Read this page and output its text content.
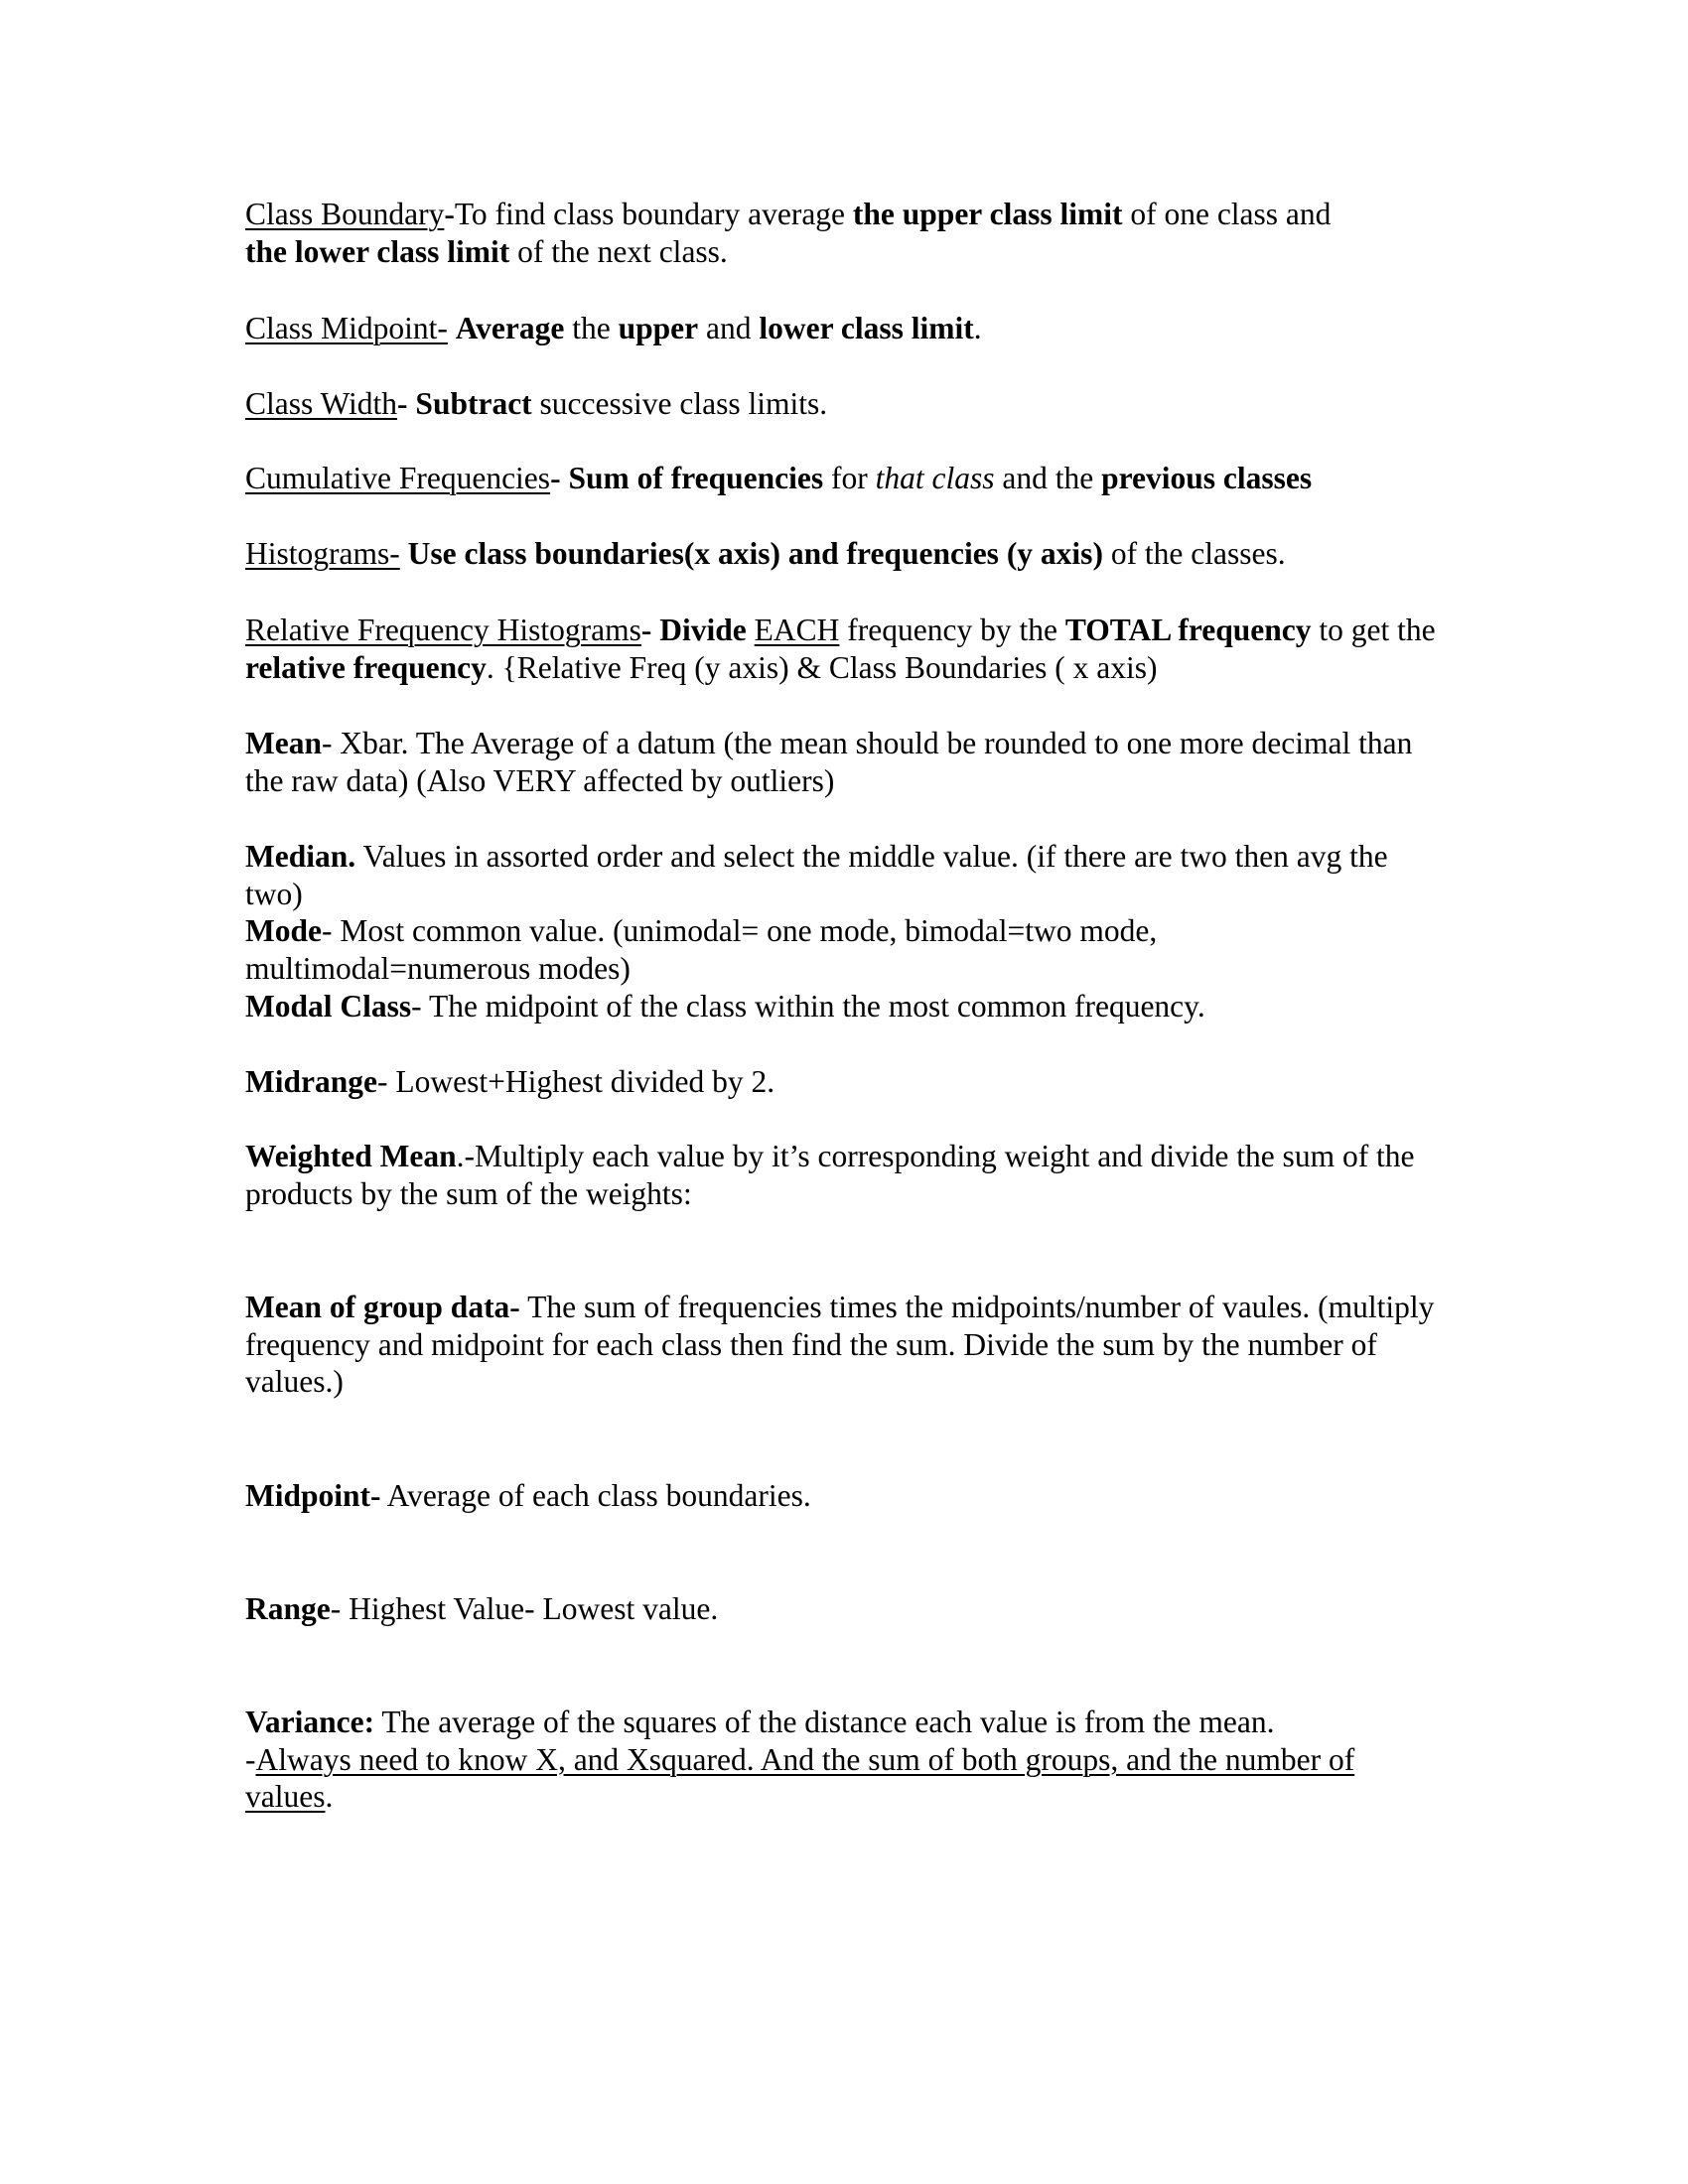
Class Boundary-To find class boundary average the upper class limit of one class and
the lower class limit of the next class.
Class Midpoint- Average the upper and lower class limit.
Class Width- Subtract successive class limits.
Cumulative Frequencies- Sum of frequencies for that class and the previous classes
Histograms- Use class boundaries(x axis) and frequencies (y axis) of the classes.
Relative Frequency Histograms- Divide EACH frequency by the TOTAL frequency to get the relative frequency. {Relative Freq (y axis) & Class Boundaries ( x axis)
Mean- Xbar. The Average of a datum (the mean should be rounded to one more decimal than the raw data) (Also VERY affected by outliers)
Median. Values in assorted order and select the middle value. (if there are two then avg the two)
Mode- Most common value. (unimodal= one mode, bimodal=two mode, multimodal=numerous modes)
Modal Class- The midpoint of the class within the most common frequency.
Midrange- Lowest+Highest divided by 2.
Weighted Mean.-Multiply each value by it’s corresponding weight and divide the sum of the products by the sum of the weights:
Mean of group data- The sum of frequencies times the midpoints/number of vaules. (multiply frequency and midpoint for each class then find the sum. Divide the sum by the number of values.)
Midpoint- Average of each class boundaries.
Range- Highest Value- Lowest value.
Variance: The average of the squares of the distance each value is from the mean.
-Always need to know X, and Xsquared. And the sum of both groups, and the number of values.
